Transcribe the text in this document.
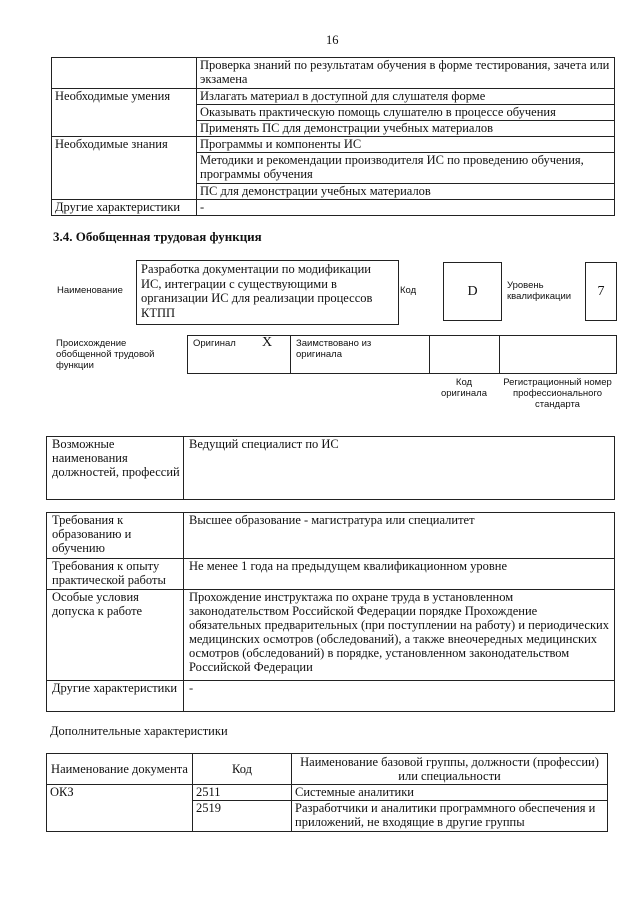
16
	Проверка знаний по результатам обучения в форме тестирования, зачета или экзамена
Необходимые умения	Излагать материал в доступной для слушателя форме
	Оказывать практическую помощь слушателю в процессе обучения
	Применять ПС для демонстрации учебных материалов
Необходимые знания	Программы и компоненты ИС
	Методики и рекомендации производителя ИС по проведению обучения, программы обучения
	ПС для демонстрации учебных материалов
Другие характеристики	-
3.4. Обобщенная трудовая функция
Наименование
Разработка документации по модификации ИС, интеграции с существующими в организации ИС для реализации процессов КТПП
Код	D	Уровень квалификации	7
Происхождение обобщенной трудовой функции
Оригинал X	Заимствовано из оригинала
Код оригинала
Регистрационный номер профессионального стандарта
Возможные наименования должностей, профессий	Ведущий специалист по ИС
Требования к образованию и обучению	Высшее образование - магистратура или специалитет
Требования к опыту практической работы	Не менее 1 года на предыдущем квалификационном уровне
Особые условия допуска к работе	Прохождение инструктажа по охране труда в установленном законодательством Российской Федерации порядке Прохождение обязательных предварительных (при поступлении на работу) и периодических медицинских осмотров (обследований), а также внеочередных медицинских осмотров (обследований) в порядке, установленном законодательством Российской Федерации
Другие характеристики	-
Дополнительные характеристики
Наименование документа	Код	Наименование базовой группы, должности (профессии) или специальности
ОКЗ	2511	Системные аналитики
	2519	Разработчики и аналитики программного обеспечения и приложений, не входящие в другие группы
